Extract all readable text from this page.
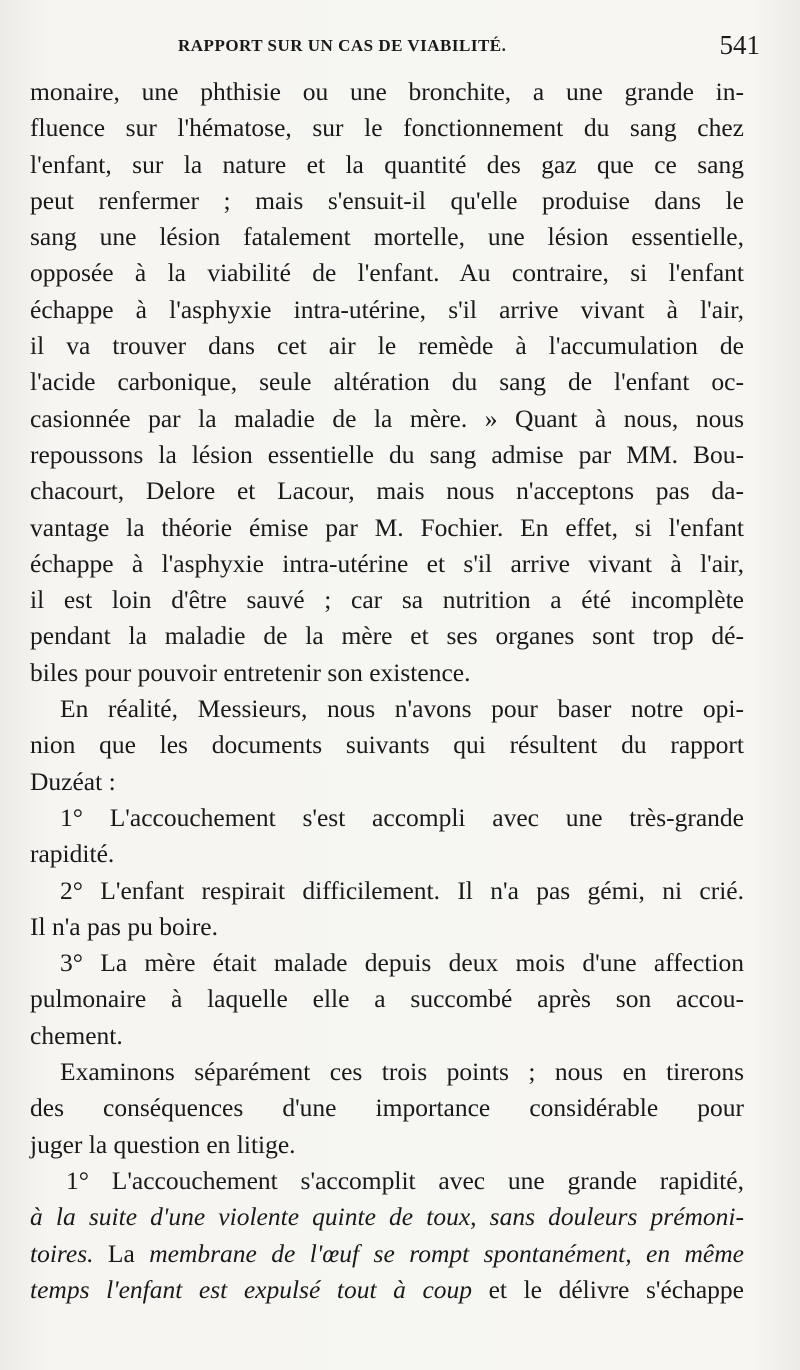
RAPPORT SUR UN CAS DE VIABILITÉ.	541
monaire, une phthisie ou une bronchite, a une grande in-
fluence sur l'hématose, sur le fonctionnement du sang chez
l'enfant, sur la nature et la quantité des gaz que ce sang
peut renfermer ; mais s'ensuit-il qu'elle produise dans le
sang une lésion fatalement mortelle, une lésion essentielle,
opposée à la viabilité de l'enfant. Au contraire, si l'enfant
échappe à l'asphyxie intra-utérine, s'il arrive vivant à l'air,
il va trouver dans cet air le remède à l'accumulation de
l'acide carbonique, seule altération du sang de l'enfant oc-
casionnée par la maladie de la mère. » Quant à nous, nous
repoussons la lésion essentielle du sang admise par MM. Bou-
chacourt, Delore et Lacour, mais nous n'acceptons pas da-
vantage la théorie émise par M. Fochier. En effet, si l'enfant
échappe à l'asphyxie intra-utérine et s'il arrive vivant à l'air,
il est loin d'être sauvé ; car sa nutrition a été incomplète
pendant la maladie de la mère et ses organes sont trop dé-
biles pour pouvoir entretenir son existence.
En réalité, Messieurs, nous n'avons pour baser notre opi-
nion que les documents suivants qui résultent du rapport
Duzéat :
1° L'accouchement s'est accompli avec une très-grande
rapidité.
2° L'enfant respirait difficilement. Il n'a pas gémi, ni crié.
Il n'a pas pu boire.
3° La mère était malade depuis deux mois d'une affection
pulmonaire à laquelle elle a succombé après son accou-
chement.
Examinons séparément ces trois points ; nous en tirerons
des conséquences d'une importance considérable pour
juger la question en litige.
1° L'accouchement s'accomplit avec une grande rapidité,
à la suite d'une violente quinte de toux, sans douleurs prémoni-
toires. La membrane de l'œuf se rompt spontanément, en même
temps l'enfant est expulsé tout à coup et le délivre s'échappe
